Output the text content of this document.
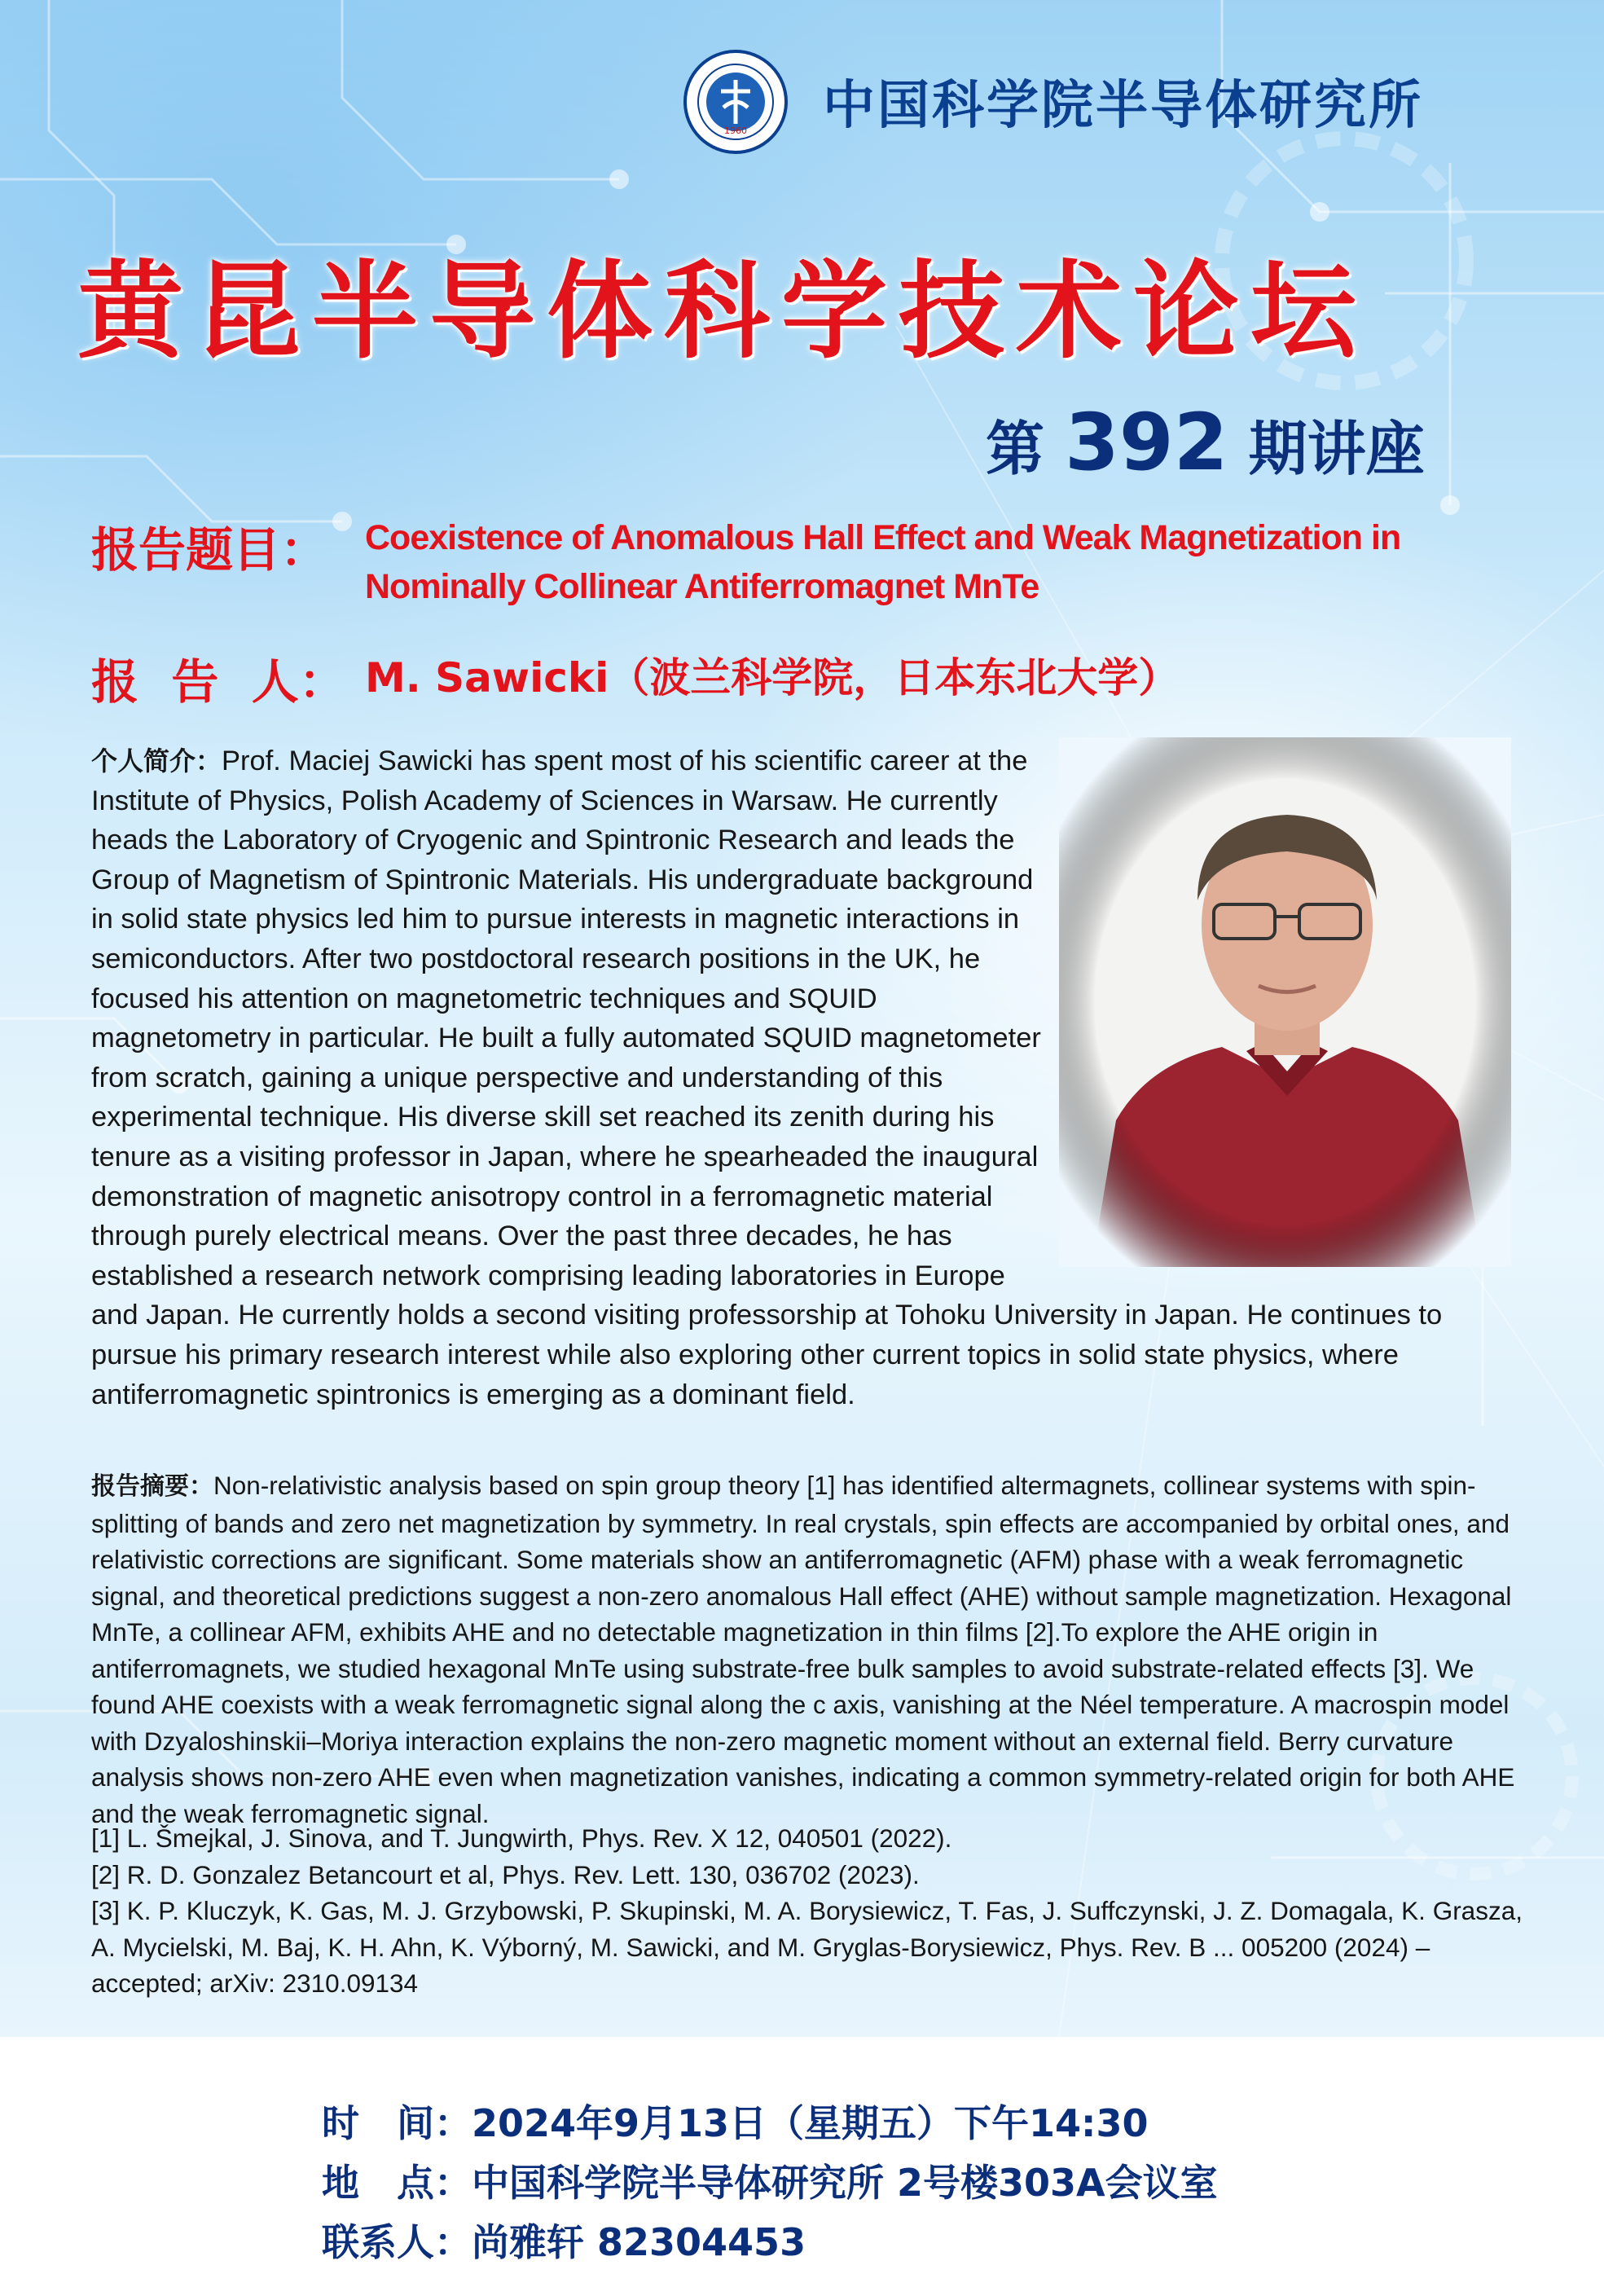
1960 中国科学院半导体研究所
黄昆半导体科学技术论坛
第 392 期讲座
报告题目： Coexistence of Anomalous Hall Effect and Weak Magnetization in
Nominally Collinear Antiferromagnet MnTe
报  告  人： M. Sawicki（波兰科学院，日本东北大学）
个人简介：Prof. Maciej Sawicki has spent most of his scientific career at the Institute of Physics, Polish Academy of Sciences in Warsaw. He currently heads the Laboratory of Cryogenic and Spintronic Research and leads the Group of Magnetism of Spintronic Materials. His undergraduate background in solid state physics led him to pursue interests in magnetic interactions in semiconductors. After two postdoctoral research positions in the UK, he focused his attention on magnetometric techniques and SQUID magnetometry in particular. He built a fully automated SQUID magnetometer from scratch, gaining a unique perspective and understanding of this experimental technique. His diverse skill set reached its zenith during his tenure as a visiting professor in Japan, where he spearheaded the inaugural demonstration of magnetic anisotropy control in a ferromagnetic material through purely electrical means. Over the past three decades, he has established a research network comprising leading laboratories in Europe and Japan. He currently holds a second visiting professorship at Tohoku University in Japan. He continues to pursue his primary research interest while also exploring other current topics in solid state physics, where antiferromagnetic spintronics is emerging as a dominant field.
报告摘要：Non-relativistic analysis based on spin group theory [1] has identified altermagnets, collinear systems with spin-splitting of bands and zero net magnetization by symmetry. In real crystals, spin effects are accompanied by orbital ones, and relativistic corrections are significant. Some materials show an antiferromagnetic (AFM) phase with a weak ferromagnetic signal, and theoretical predictions suggest a non-zero anomalous Hall effect (AHE) without sample magnetization. Hexagonal MnTe, a collinear AFM, exhibits AHE and no detectable magnetization in thin films [2].To explore the AHE origin in antiferromagnets, we studied hexagonal MnTe using substrate-free bulk samples to avoid substrate-related effects [3]. We found AHE coexists with a weak ferromagnetic signal along the c axis, vanishing at the Néel temperature. A macrospin model with Dzyaloshinskii–Moriya interaction explains the non-zero magnetic moment without an external field. Berry curvature analysis shows non-zero AHE even when magnetization vanishes, indicating a common symmetry-related origin for both AHE and the weak ferromagnetic signal.
[1] L. Šmejkal, J. Sinova, and T. Jungwirth, Phys. Rev. X 12, 040501 (2022).
[2] R. D. Gonzalez Betancourt et al, Phys. Rev. Lett. 130, 036702 (2023).
[3] K. P. Kluczyk, K. Gas, M. J. Grzybowski, P. Skupinski, M. A. Borysiewicz, T. Fas, J. Suffczynski, J. Z. Domagala, K. Grasza, A. Mycielski, M. Baj, K. H. Ahn, K. Výborný, M. Sawicki, and M. Gryglas-Borysiewicz, Phys. Rev. B ... 005200 (2024) – accepted; arXiv: 2310.09134
时　间：2024年9月13日（星期五）下午14:30
地　点：中国科学院半导体研究所 2号楼303A会议室
联系人：尚雅轩 82304453
